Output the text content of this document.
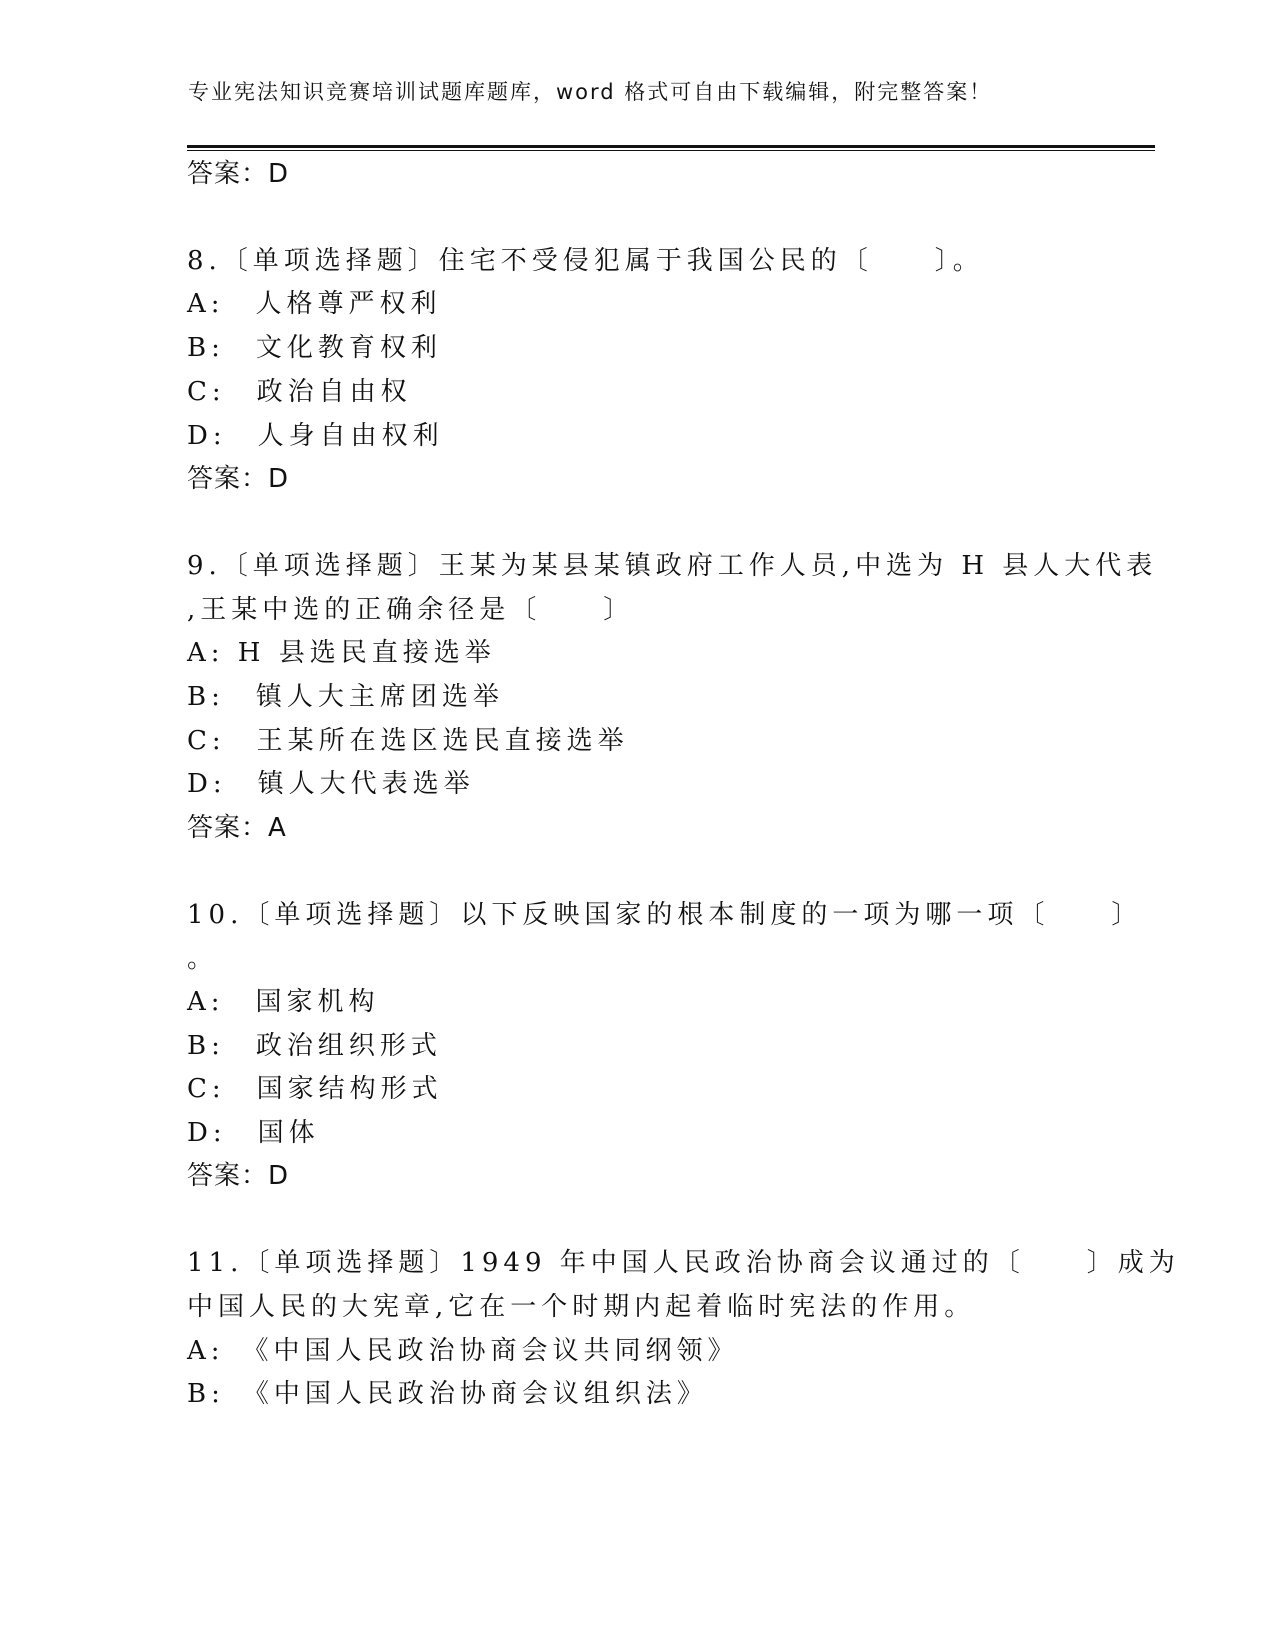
专业宪法知识竞赛培训试题库题库，word 格式可自由下载编辑，附完整答案！
答案：D
8.〔单项选择题〕住宅不受侵犯属于我国公民的〔　　〕。
A:　人格尊严权利
B:　文化教育权利
C:　政治自由权
D:　人身自由权利
答案：D
9.〔单项选择题〕王某为某县某镇政府工作人员,中选为 H 县人大代表
,王某中选的正确余径是〔　　〕
A: H 县选民直接选举
B:　镇人大主席团选举
C:　王某所在选区选民直接选举
D:　镇人大代表选举
答案：A
10.〔单项选择题〕以下反映国家的根本制度的一项为哪一项〔　　〕
。
A:　国家机构
B:　政治组织形式
C:　国家结构形式
D:　国体
答案：D
11.〔单项选择题〕1949 年中国人民政治协商会议通过的〔　　〕成为
中国人民的大宪章,它在一个时期内起着临时宪法的作用。
A:　《中国人民政治协商会议共同纲领》
B:　《中国人民政治协商会议组织法》
